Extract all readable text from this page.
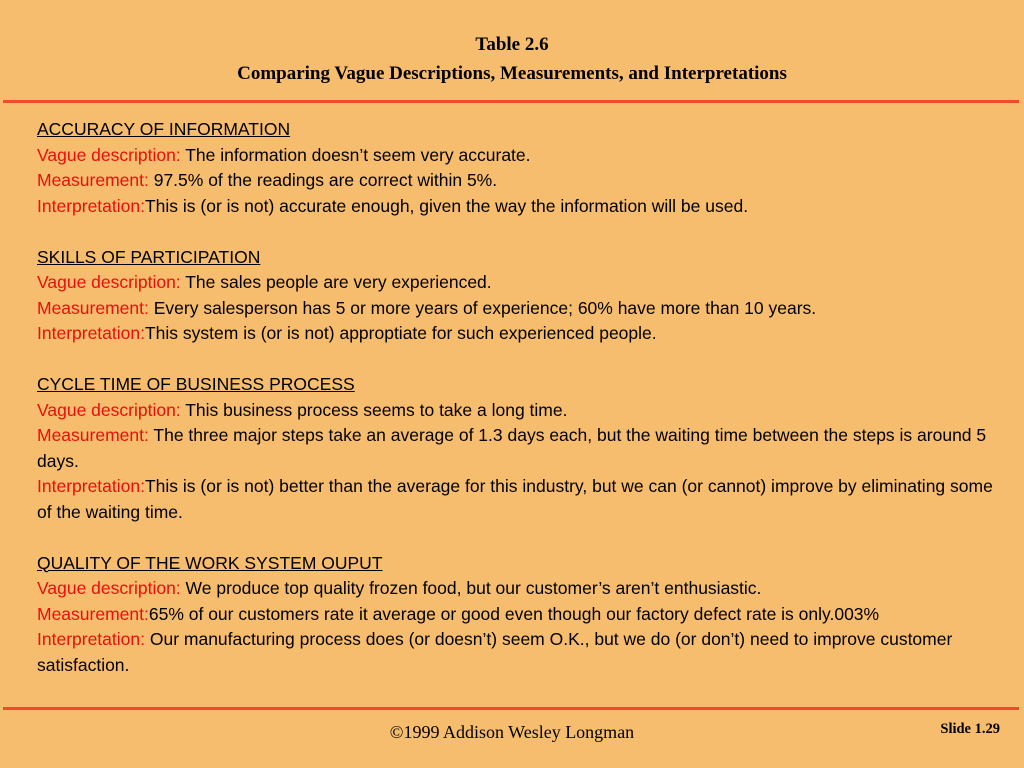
Table 2.6
Comparing Vague Descriptions, Measurements, and Interpretations
ACCURACY OF INFORMATION
Vague description: The information doesn’t seem very accurate.
Measurement: 97.5% of the readings are correct within 5%.
Interpretation:This is (or is not) accurate enough, given the way the information will be used.
SKILLS OF PARTICIPATION
Vague description: The sales people are very experienced.
Measurement: Every salesperson has 5 or more years of experience; 60% have more than 10 years.
Interpretation:This system is (or is not) approptiate for such experienced people.
CYCLE TIME OF BUSINESS PROCESS
Vague description: This business process seems to take a long time.
Measurement: The three major steps take an average of 1.3 days each, but the waiting time between the steps is around 5 days.
Interpretation:This is (or is not) better than the average for this industry, but we can (or cannot) improve by eliminating some of the waiting time.
QUALITY OF THE WORK SYSTEM OUPUT
Vague description: We produce top quality frozen food, but our customer’s aren’t enthusiastic.
Measurement:65% of our customers rate it average or good even though our factory defect rate is only.003%
Interpretation: Our manufacturing process does (or doesn’t) seem O.K., but we do (or don’t) need to improve customer satisfaction.
©1999 Addison Wesley Longman	Slide 1.29
